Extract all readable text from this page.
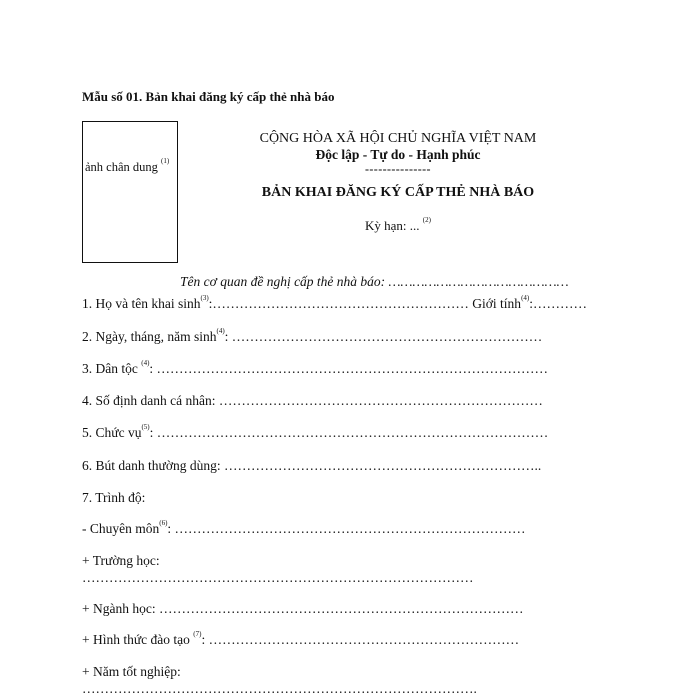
Mẫu số 01. Bản khai đăng ký cấp thẻ nhà báo
ảnh chân dung $^{(1)}$
CỘNG HÒA XÃ HỘI CHỦ NGHĨA VIỆT NAM
Độc lập - Tự do - Hạnh phúc
---------------
BẢN KHAI ĐĂNG KÝ CẤP THẺ NHÀ BÁO
Kỳ hạn: ... $^{(2)}$
Tên cơ quan đề nghị cấp thẻ nhà báo: ………………………………………
1. Họ và tên khai $\sinh^{(3)}:\dots\dots\dots\dots\dots\dots\dots\dots\dots\dots\dots\dots\dots\dots\dots\dots\dots\dots\dots$ Giới tính$^{(4)}$:…………
2. Ngày, tháng, năm $\sinh^{(4)}$: ……………………………………………………………
3. Dân tộc $^{(4)}$: ……………………………………………………………………………
4. Số định danh cá nhân: ………………………………………………………………
5. Chức vụ$^{(5)}$: ……………………………………………………………………………
6. Bút danh thường dùng: ……………………………………………………………..
7. Trình độ:
- Chuyên môn$^{(6)}$: ……………………………………………………………………
+ Trường học:
……………………………………………………………………………
+ Ngành học: ………………………………………………………………………
+ Hình thức đào tạo $^{(7)}$: ……………………………………………………………
+ Năm tốt nghiệp:
…………………………………………………………………………….
